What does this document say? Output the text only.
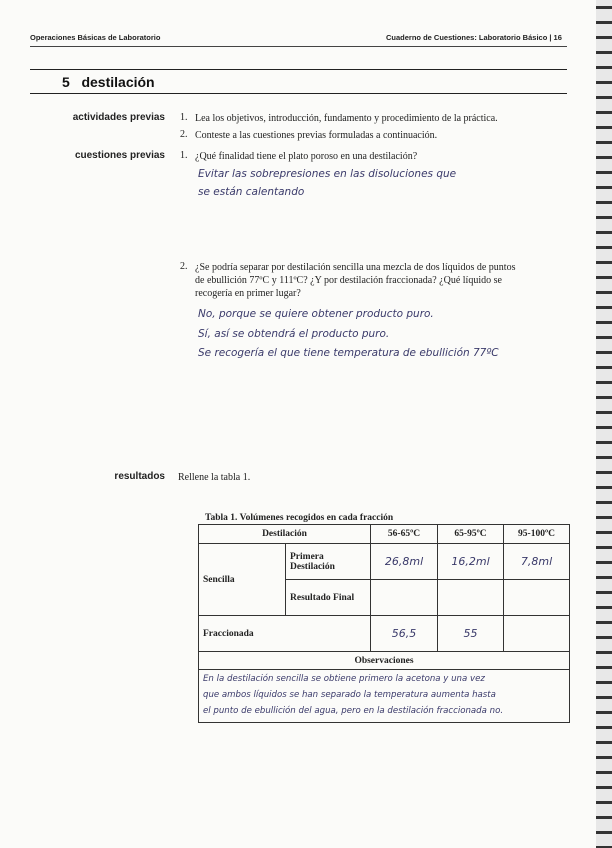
Operaciones Básicas de Laboratorio	Cuaderno de Cuestiones: Laboratorio Básico | 16
5 destilación
actividades previas 1. Lea los objetivos, introducción, fundamento y procedimiento de la práctica.
2. Conteste a las cuestiones previas formuladas a continuación.
cuestiones previas 1. ¿Qué finalidad tiene el plato poroso en una destilación?
Evitar las sobrepresiones en las disoluciones que
se están calentando
2. ¿Se podría separar por destilación sencilla una mezcla de dos líquidos de puntos
de ebullición 77ºC y 111ºC? ¿Y por destilación fraccionada? ¿Qué líquido se
recogería en primer lugar?
No, porque se quiere obtener producto puro.
Sí, así se obtendrá el producto puro.
Se recogería el que tiene temperatura de ebullición 77ºC
resultados Rellene la tabla 1.
Tabla 1. Volúmenes recogidos en cada fracción
Destilación		56-65ºC	65-95ºC	95-100ºC
Sencilla	Primera Destilación	26,8ml	16,2ml	7,8ml
	Resultado Final			
Fraccionada		56,5	55	
Observaciones				

En la destilación sencilla se obtiene primero la acetona y una vez
que ambos líquidos se han separado la temperatura aumenta hasta
el punto de ebullición del agua, pero en la destilación fraccionada no.				
